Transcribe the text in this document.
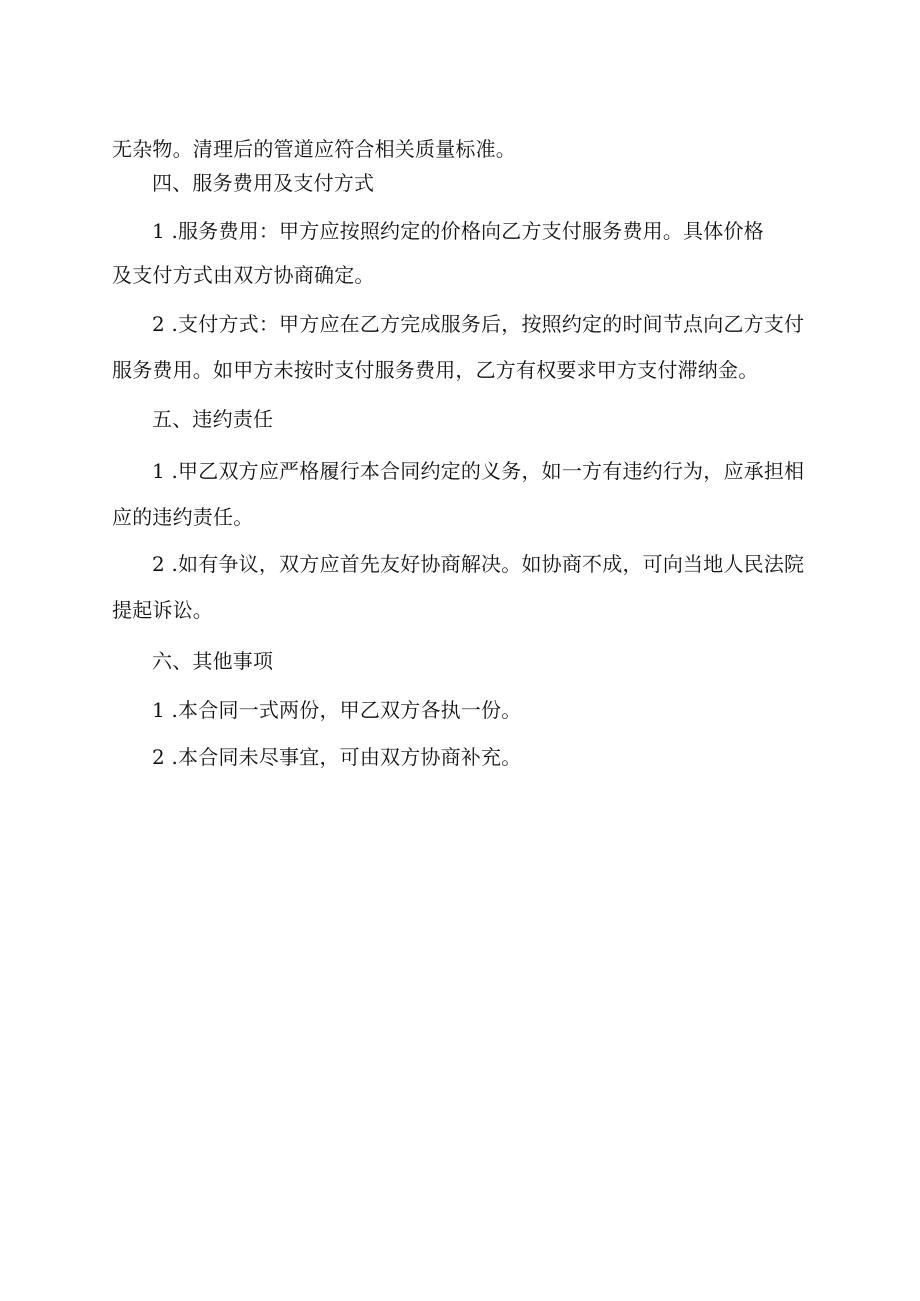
无杂物。清理后的管道应符合相关质量标准。
四、服务费用及支付方式
1 .服务费用：甲方应按照约定的价格向乙方支付服务费用。具体价格
及支付方式由双方协商确定。
2 .支付方式：甲方应在乙方完成服务后，按照约定的时间节点向乙方支付
服务费用。如甲方未按时支付服务费用，乙方有权要求甲方支付滞纳金。
五、违约责任
1 .甲乙双方应严格履行本合同约定的义务，如一方有违约行为，应承担相
应的违约责任。
2 .如有争议，双方应首先友好协商解决。如协商不成，可向当地人民法院
提起诉讼。
六、其他事项
1 .本合同一式两份，甲乙双方各执一份。
2 .本合同未尽事宜，可由双方协商补充。
